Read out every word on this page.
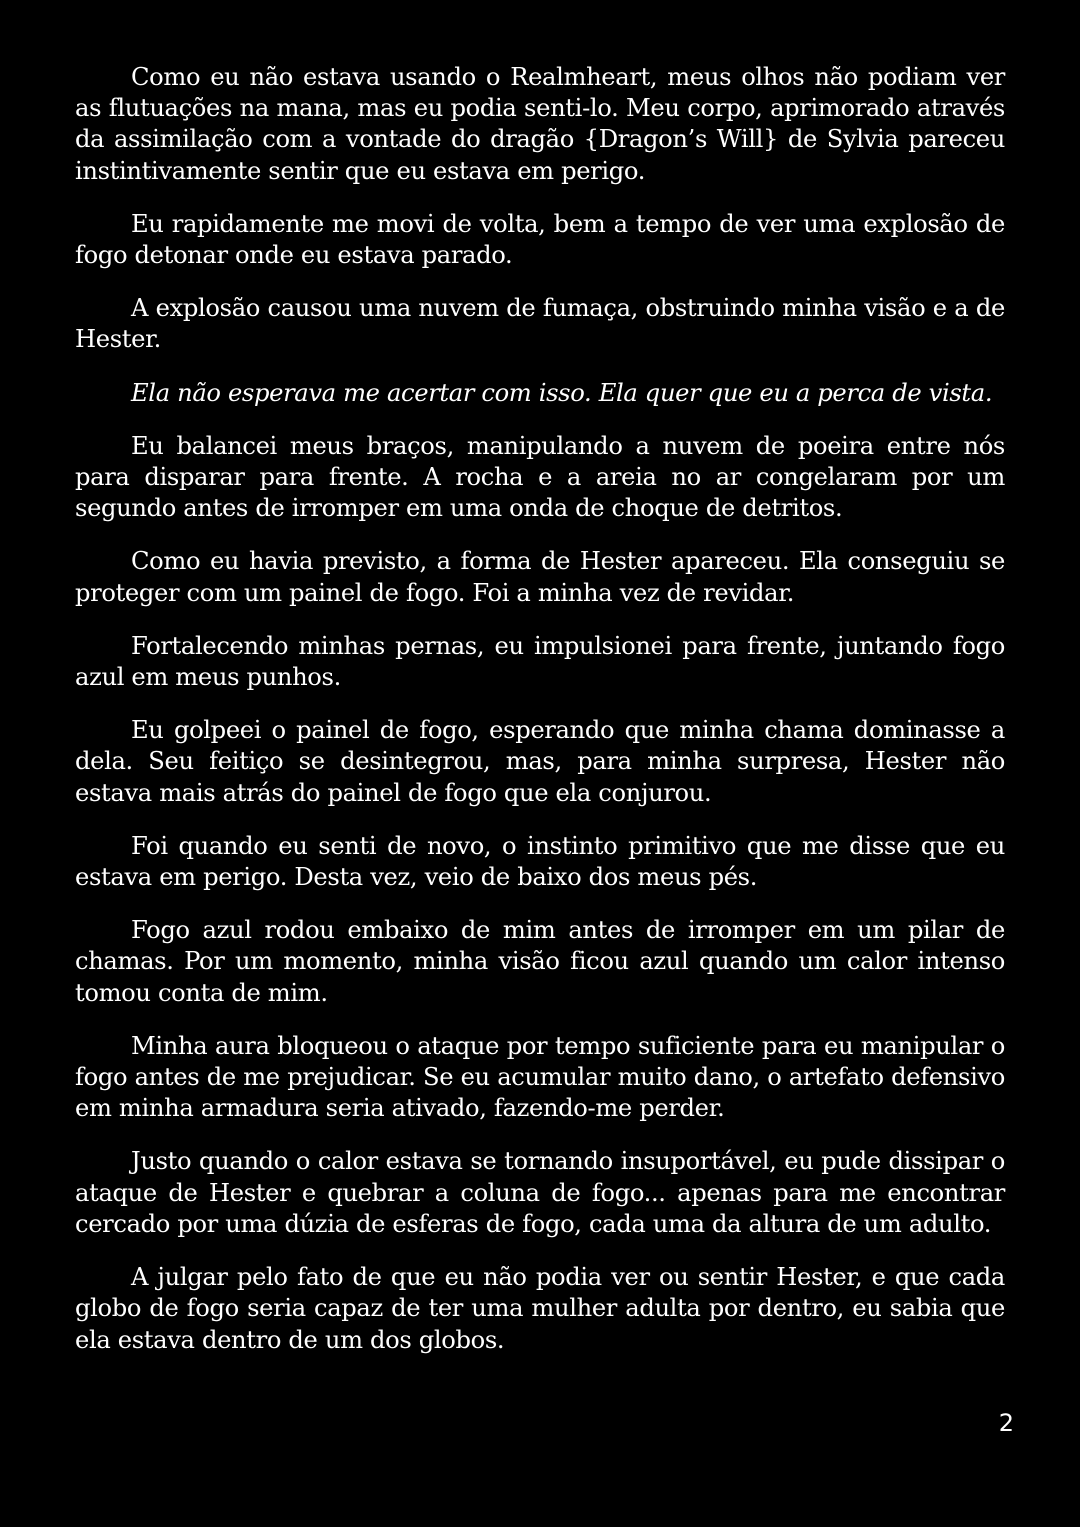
Como eu não estava usando o Realmheart, meus olhos não podiam ver as flutuações na mana, mas eu podia senti-lo. Meu corpo, aprimorado através da assimilação com a vontade do dragão {Dragon’s Will} de Sylvia pareceu instintivamente sentir que eu estava em perigo.

Eu rapidamente me movi de volta, bem a tempo de ver uma explosão de fogo detonar onde eu estava parado.

A explosão causou uma nuvem de fumaça, obstruindo minha visão e a de Hester.

Ela não esperava me acertar com isso. Ela quer que eu a perca de vista.

Eu balancei meus braços, manipulando a nuvem de poeira entre nós para disparar para frente. A rocha e a areia no ar congelaram por um segundo antes de irromper em uma onda de choque de detritos.

Como eu havia previsto, a forma de Hester apareceu. Ela conseguiu se proteger com um painel de fogo. Foi a minha vez de revidar.

Fortalecendo minhas pernas, eu impulsionei para frente, juntando fogo azul em meus punhos.

Eu golpeei o painel de fogo, esperando que minha chama dominasse a dela. Seu feitiço se desintegrou, mas, para minha surpresa, Hester não estava mais atrás do painel de fogo que ela conjurou.

Foi quando eu senti de novo, o instinto primitivo que me disse que eu estava em perigo. Desta vez, veio de baixo dos meus pés.

Fogo azul rodou embaixo de mim antes de irromper em um pilar de chamas. Por um momento, minha visão ficou azul quando um calor intenso tomou conta de mim.

Minha aura bloqueou o ataque por tempo suficiente para eu manipular o fogo antes de me prejudicar. Se eu acumular muito dano, o artefato defensivo em minha armadura seria ativado, fazendo-me perder.

Justo quando o calor estava se tornando insuportável, eu pude dissipar o ataque de Hester e quebrar a coluna de fogo... apenas para me encontrar cercado por uma dúzia de esferas de fogo, cada uma da altura de um adulto.

A julgar pelo fato de que eu não podia ver ou sentir Hester, e que cada globo de fogo seria capaz de ter uma mulher adulta por dentro, eu sabia que ela estava dentro de um dos globos.

2
